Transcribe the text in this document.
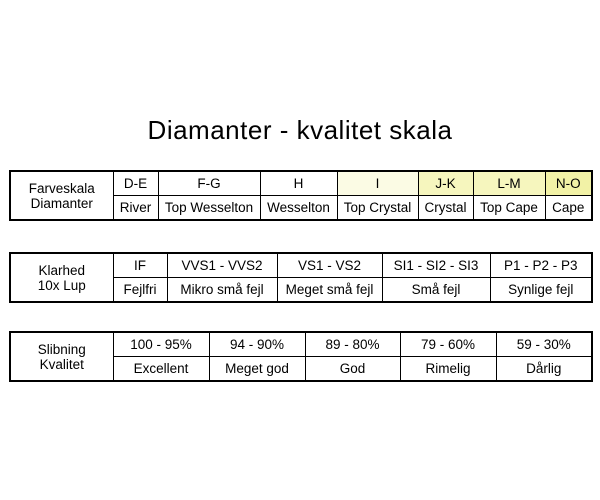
Diamanter - kvalitet skala
Farveskala
Diamanter	D-E	F-G	H	I	J-K	L-M	N-O
	River	Top Wesselton	Wesselton	Top Crystal	Crystal	Top Cape	Cape
Klarhed
10x Lup	IF	VVS1 - VVS2	VS1 - VS2	SI1 - SI2 - SI3	P1 - P2 - P3
	Fejlfri	Mikro små fejl	Meget små fejl	Små fejl	Synlige fejl
Slibning
Kvalitet	100 - 95%	94 - 90%	89 - 80%	79 - 60%	59 - 30%
	Excellent	Meget god	God	Rimelig	Dårlig
